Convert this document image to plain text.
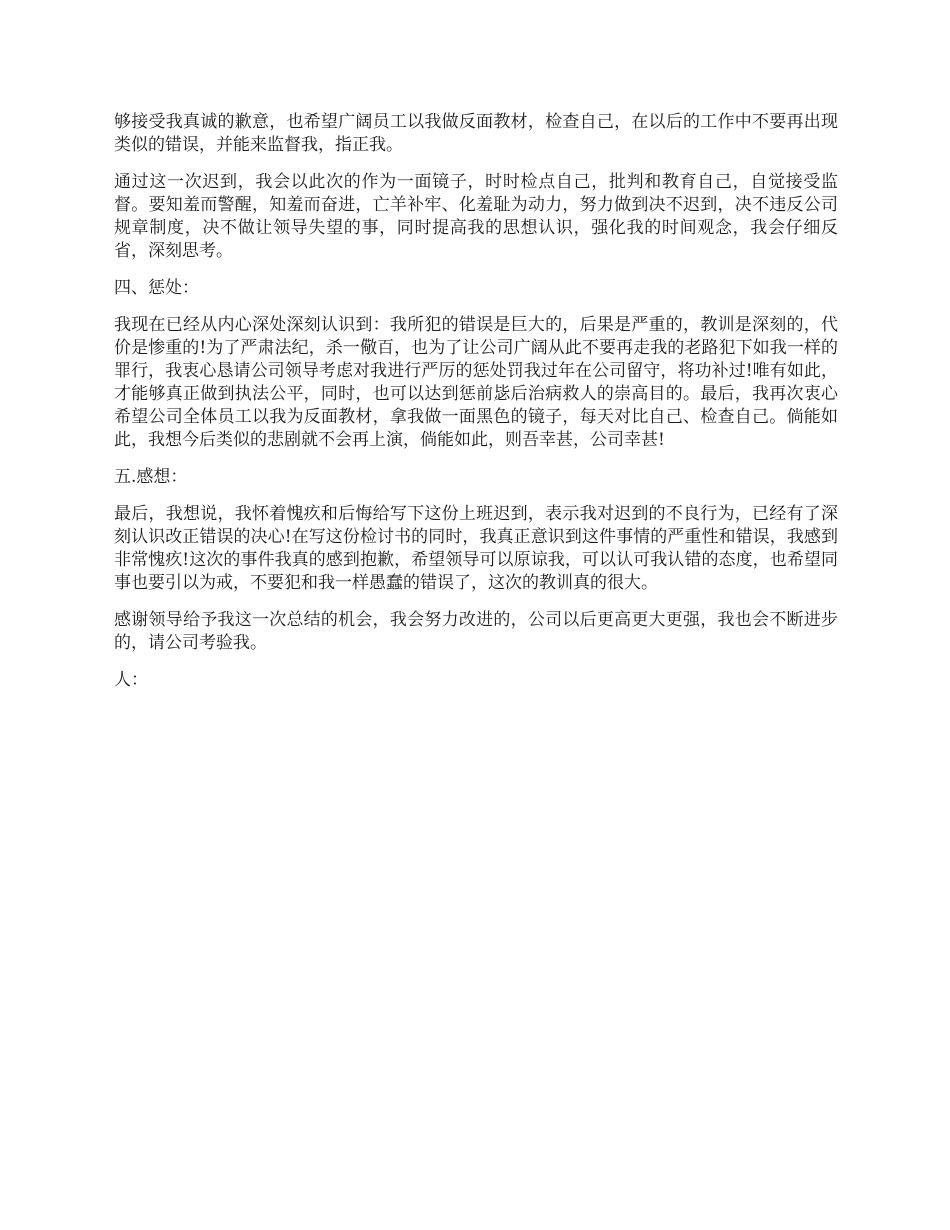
够接受我真诚的歉意，也希望广阔员工以我做反面教材，检查自己，在以后的工作中不要再出现类似的错误，并能来监督我，指正我。

通过这一次迟到，我会以此次的作为一面镜子，时时检点自己，批判和教育自己，自觉接受监督。要知羞而警醒，知羞而奋进，亡羊补牢、化羞耻为动力，努力做到决不迟到，决不违反公司规章制度，决不做让领导失望的事，同时提高我的思想认识，强化我的时间观念，我会仔细反省，深刻思考。

四、惩处：

我现在已经从内心深处深刻认识到：我所犯的错误是巨大的，后果是严重的，教训是深刻的，代价是惨重的!为了严肃法纪，杀一儆百，也为了让公司广阔从此不要再走我的老路犯下如我一样的罪行，我衷心恳请公司领导考虑对我进行严厉的惩处罚我过年在公司留守，将功补过!唯有如此，才能够真正做到执法公平，同时，也可以达到惩前毖后治病救人的崇高目的。最后，我再次衷心希望公司全体员工以我为反面教材，拿我做一面黑色的镜子，每天对比自己、检查自己。倘能如此，我想今后类似的悲剧就不会再上演，倘能如此，则吾幸甚，公司幸甚!

五.感想：

最后，我想说，我怀着愧疚和后悔给写下这份上班迟到，表示我对迟到的不良行为，已经有了深刻认识改正错误的决心!在写这份检讨书的同时，我真正意识到这件事情的严重性和错误，我感到非常愧疚!这次的事件我真的感到抱歉，希望领导可以原谅我，可以认可我认错的态度，也希望同事也要引以为戒，不要犯和我一样愚蠢的错误了，这次的教训真的很大。

感谢领导给予我这一次总结的机会，我会努力改进的，公司以后更高更大更强，我也会不断进步的，请公司考验我。

人：
